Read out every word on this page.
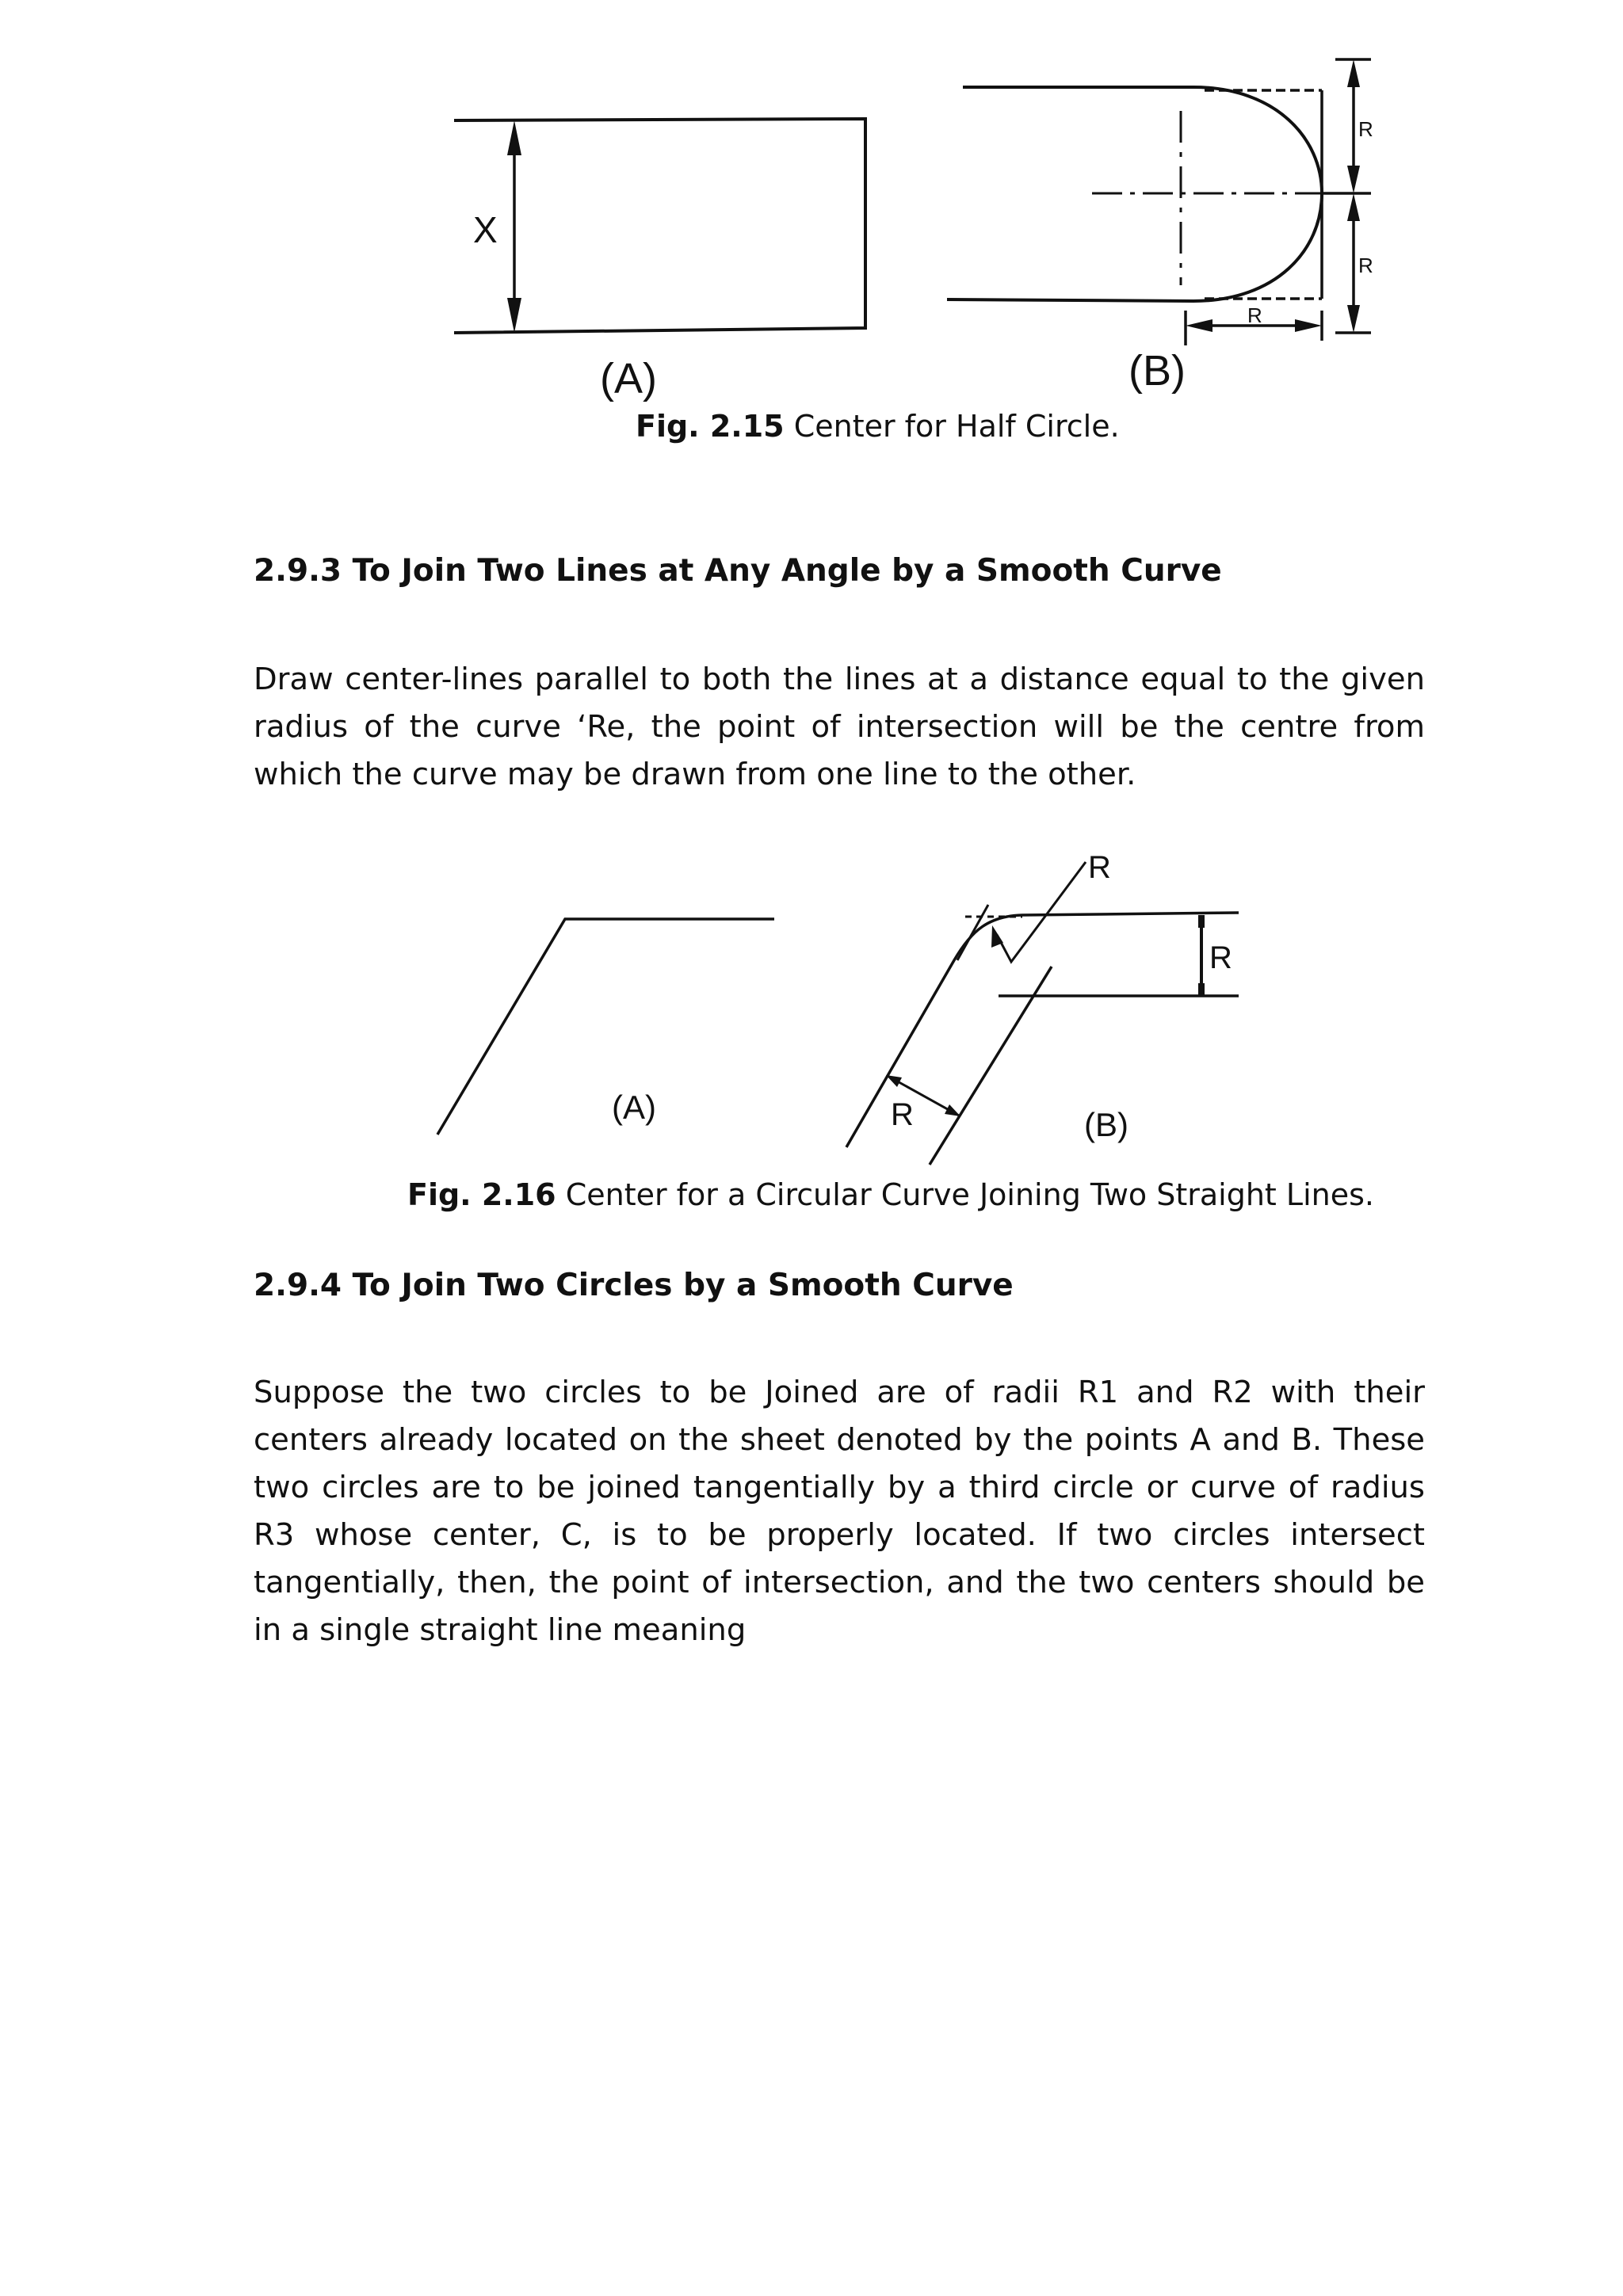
X
(A)
R
R
R
(B)
Fig. 2.15 Center for Half Circle.
2.9.3 To Join Two Lines at Any Angle by a Smooth Curve
Draw center-lines parallel to both the lines at a distance equal to the given radius of the curve ‘Re, the point of intersection will be the centre from which the curve may be drawn from one line to the other.
(A)
R
R
R	(B)
Fig. 2.16 Center for a Circular Curve Joining Two Straight Lines.
2.9.4 To Join Two Circles by a Smooth Curve
Suppose the two circles to be Joined are of radii R1 and R2 with their centers already located on the sheet denoted by the points A and B. These two circles are to be joined tangentially by a third circle or curve of radius R3 whose center, C, is to be properly located. If two circles intersect tangentially, then, the point of intersection, and the two centers should be in a single straight line meaning
